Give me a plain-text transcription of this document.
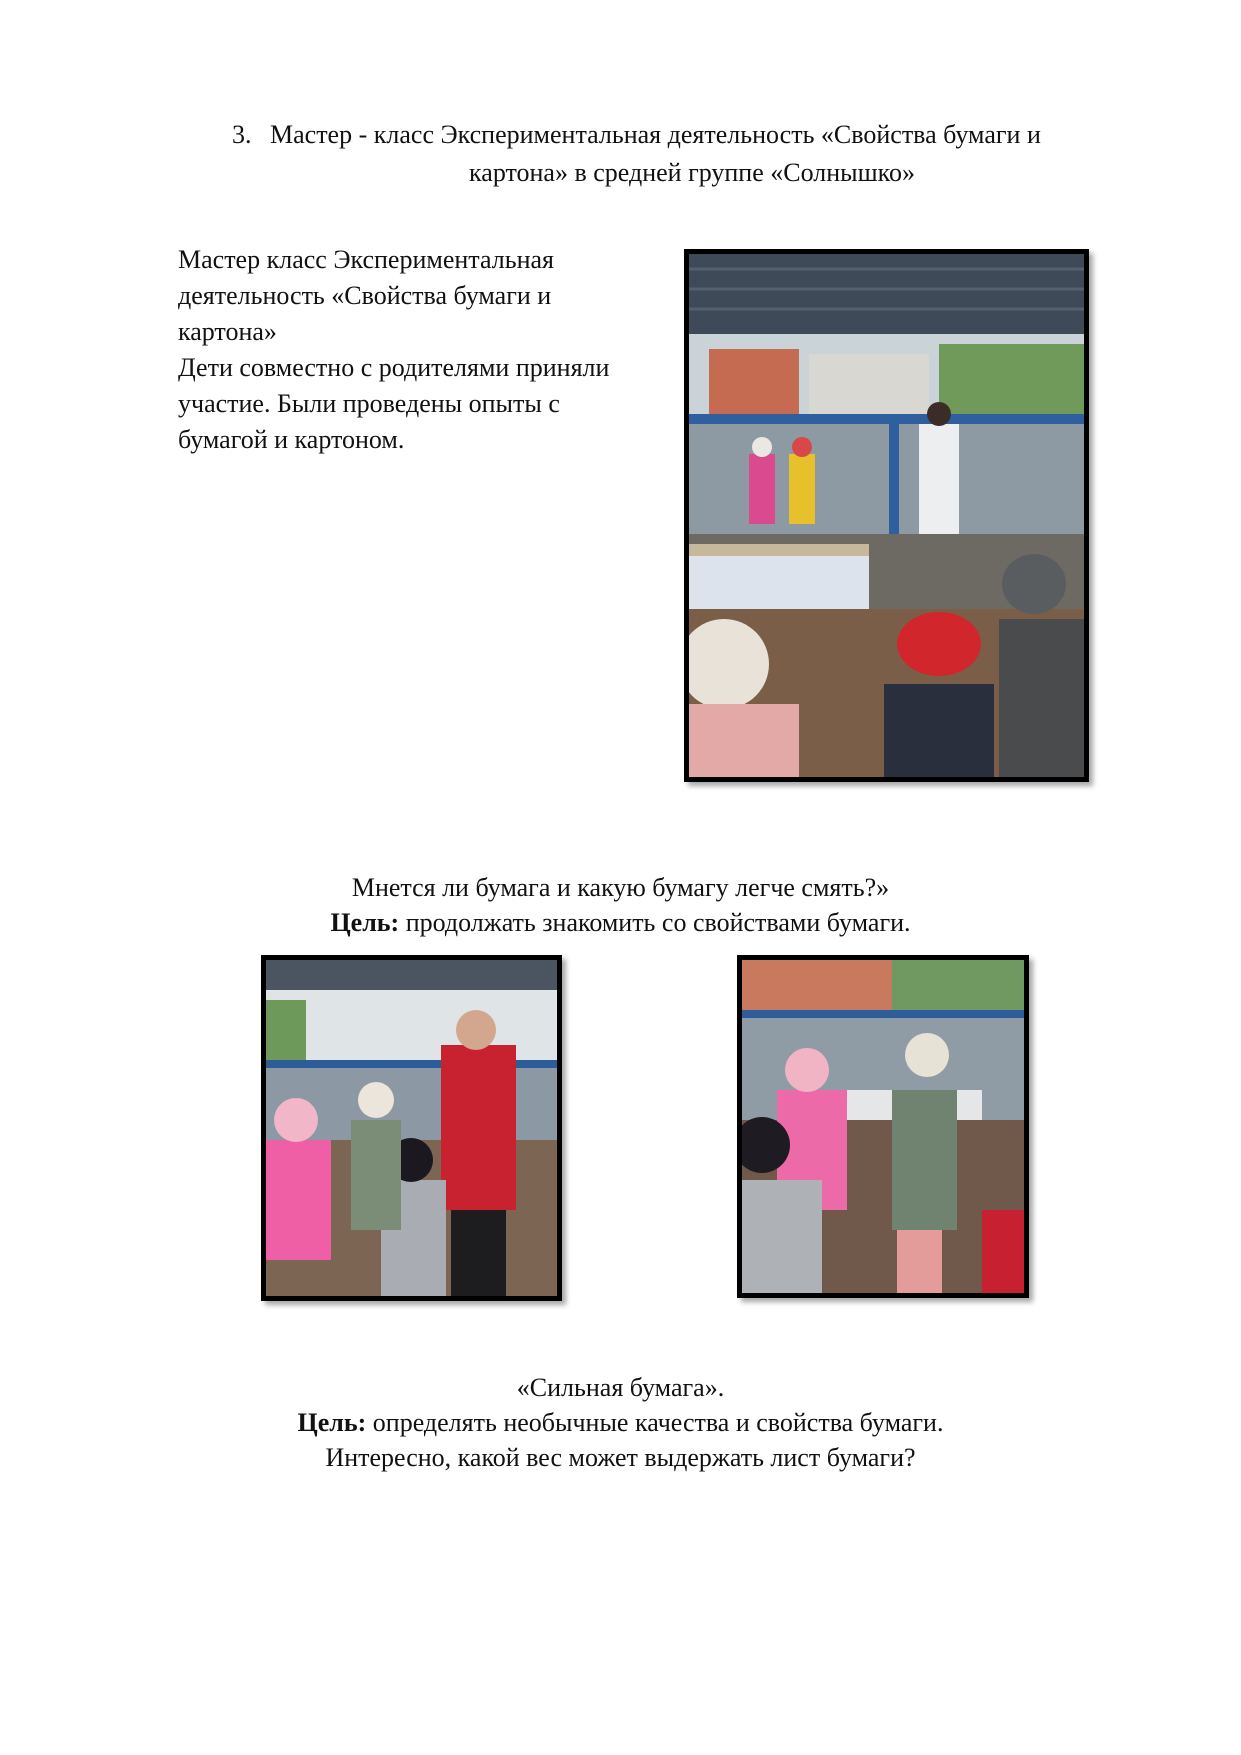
3. Мастер - класс Экспериментальная деятельность «Свойства бумаги и
картона» в средней группе «Солнышко»

Мастер класс Экспериментальная

деятельность «Свойства бумаги и

картона»

Дети совместно с родителями приняли

участие. Были проведены опыты с

бумагой и картоном.

Мнется ли бумага и какую бумагу легче смять?»

Цель: продолжать знакомить со свойствами бумаги.

«Сильная бумага».

Цель: определять необычные качества и свойства бумаги.

Интересно, какой вес может выдержать лист бумаги?
